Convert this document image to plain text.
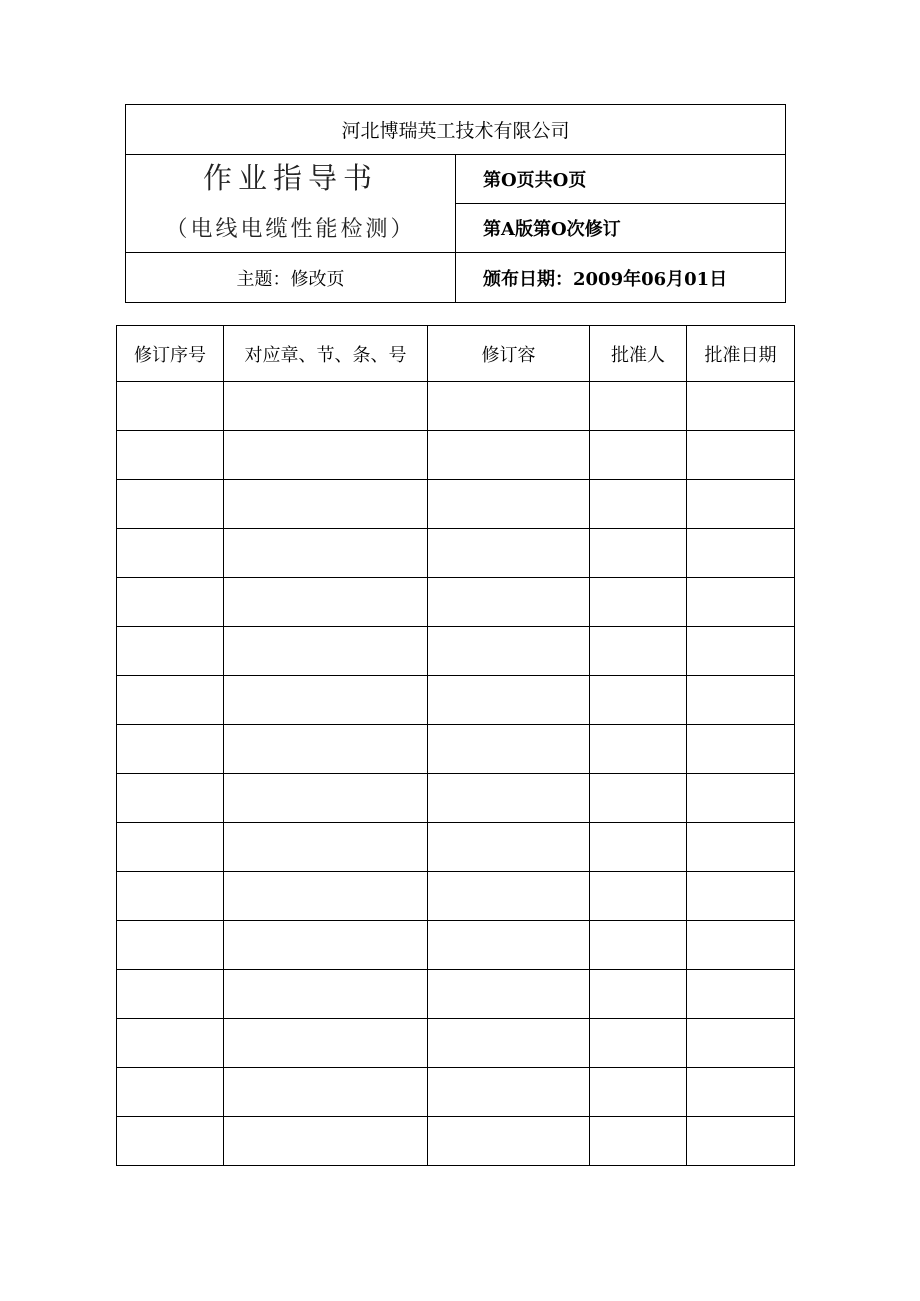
河北博瑞英工技术有限公司	

作业指导书
（电线电缆性能检测）	第O页共O页
	第A版第O次修订
主题：修改页	颁布日期：2009年06月01日
修订序号	对应章、节、条、号	修订容	批准人	批准日期
